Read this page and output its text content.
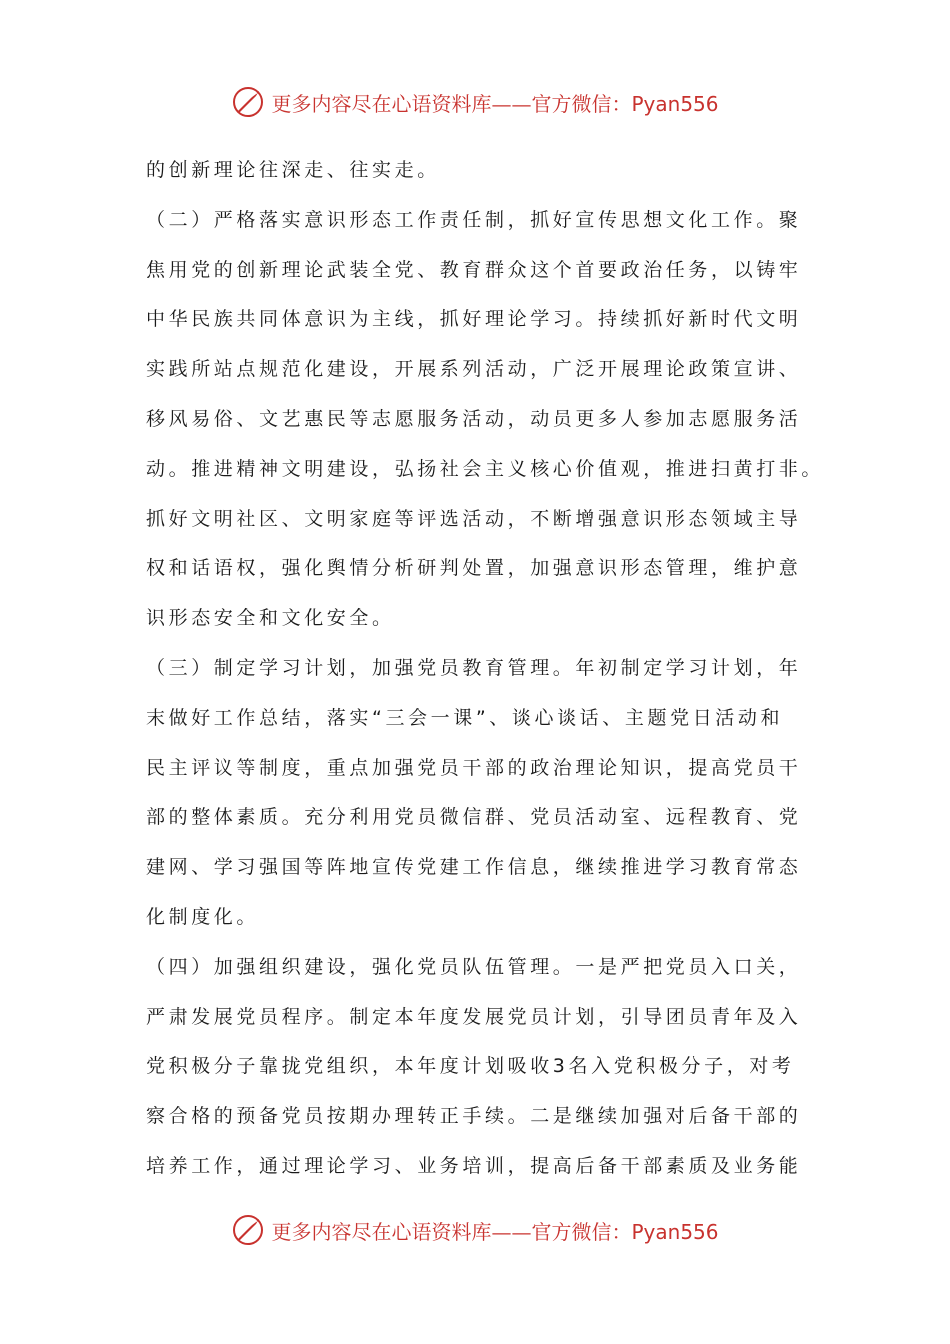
更多内容尽在心语资料库——官方微信：Pyan556
的创新理论往深走、往实走。
（二）严格落实意识形态工作责任制，抓好宣传思想文化工作。聚
焦用党的创新理论武装全党、教育群众这个首要政治任务，以铸牢
中华民族共同体意识为主线，抓好理论学习。持续抓好新时代文明
实践所站点规范化建设，开展系列活动，广泛开展理论政策宣讲、
移风易俗、文艺惠民等志愿服务活动，动员更多人参加志愿服务活
动。推进精神文明建设，弘扬社会主义核心价值观，推进扫黄打非。
抓好文明社区、文明家庭等评选活动，不断增强意识形态领域主导
权和话语权，强化舆情分析研判处置，加强意识形态管理，维护意
识形态安全和文化安全。
（三）制定学习计划，加强党员教育管理。年初制定学习计划，年
末做好工作总结，落实“三会一课”、谈心谈话、主题党日活动和
民主评议等制度，重点加强党员干部的政治理论知识，提高党员干
部的整体素质。充分利用党员微信群、党员活动室、远程教育、党
建网、学习强国等阵地宣传党建工作信息，继续推进学习教育常态
化制度化。
（四）加强组织建设，强化党员队伍管理。一是严把党员入口关，
严肃发展党员程序。制定本年度发展党员计划，引导团员青年及入
党积极分子靠拢党组织，本年度计划吸收3名入党积极分子，对考
察合格的预备党员按期办理转正手续。二是继续加强对后备干部的
培养工作，通过理论学习、业务培训，提高后备干部素质及业务能
更多内容尽在心语资料库——官方微信：Pyan556
